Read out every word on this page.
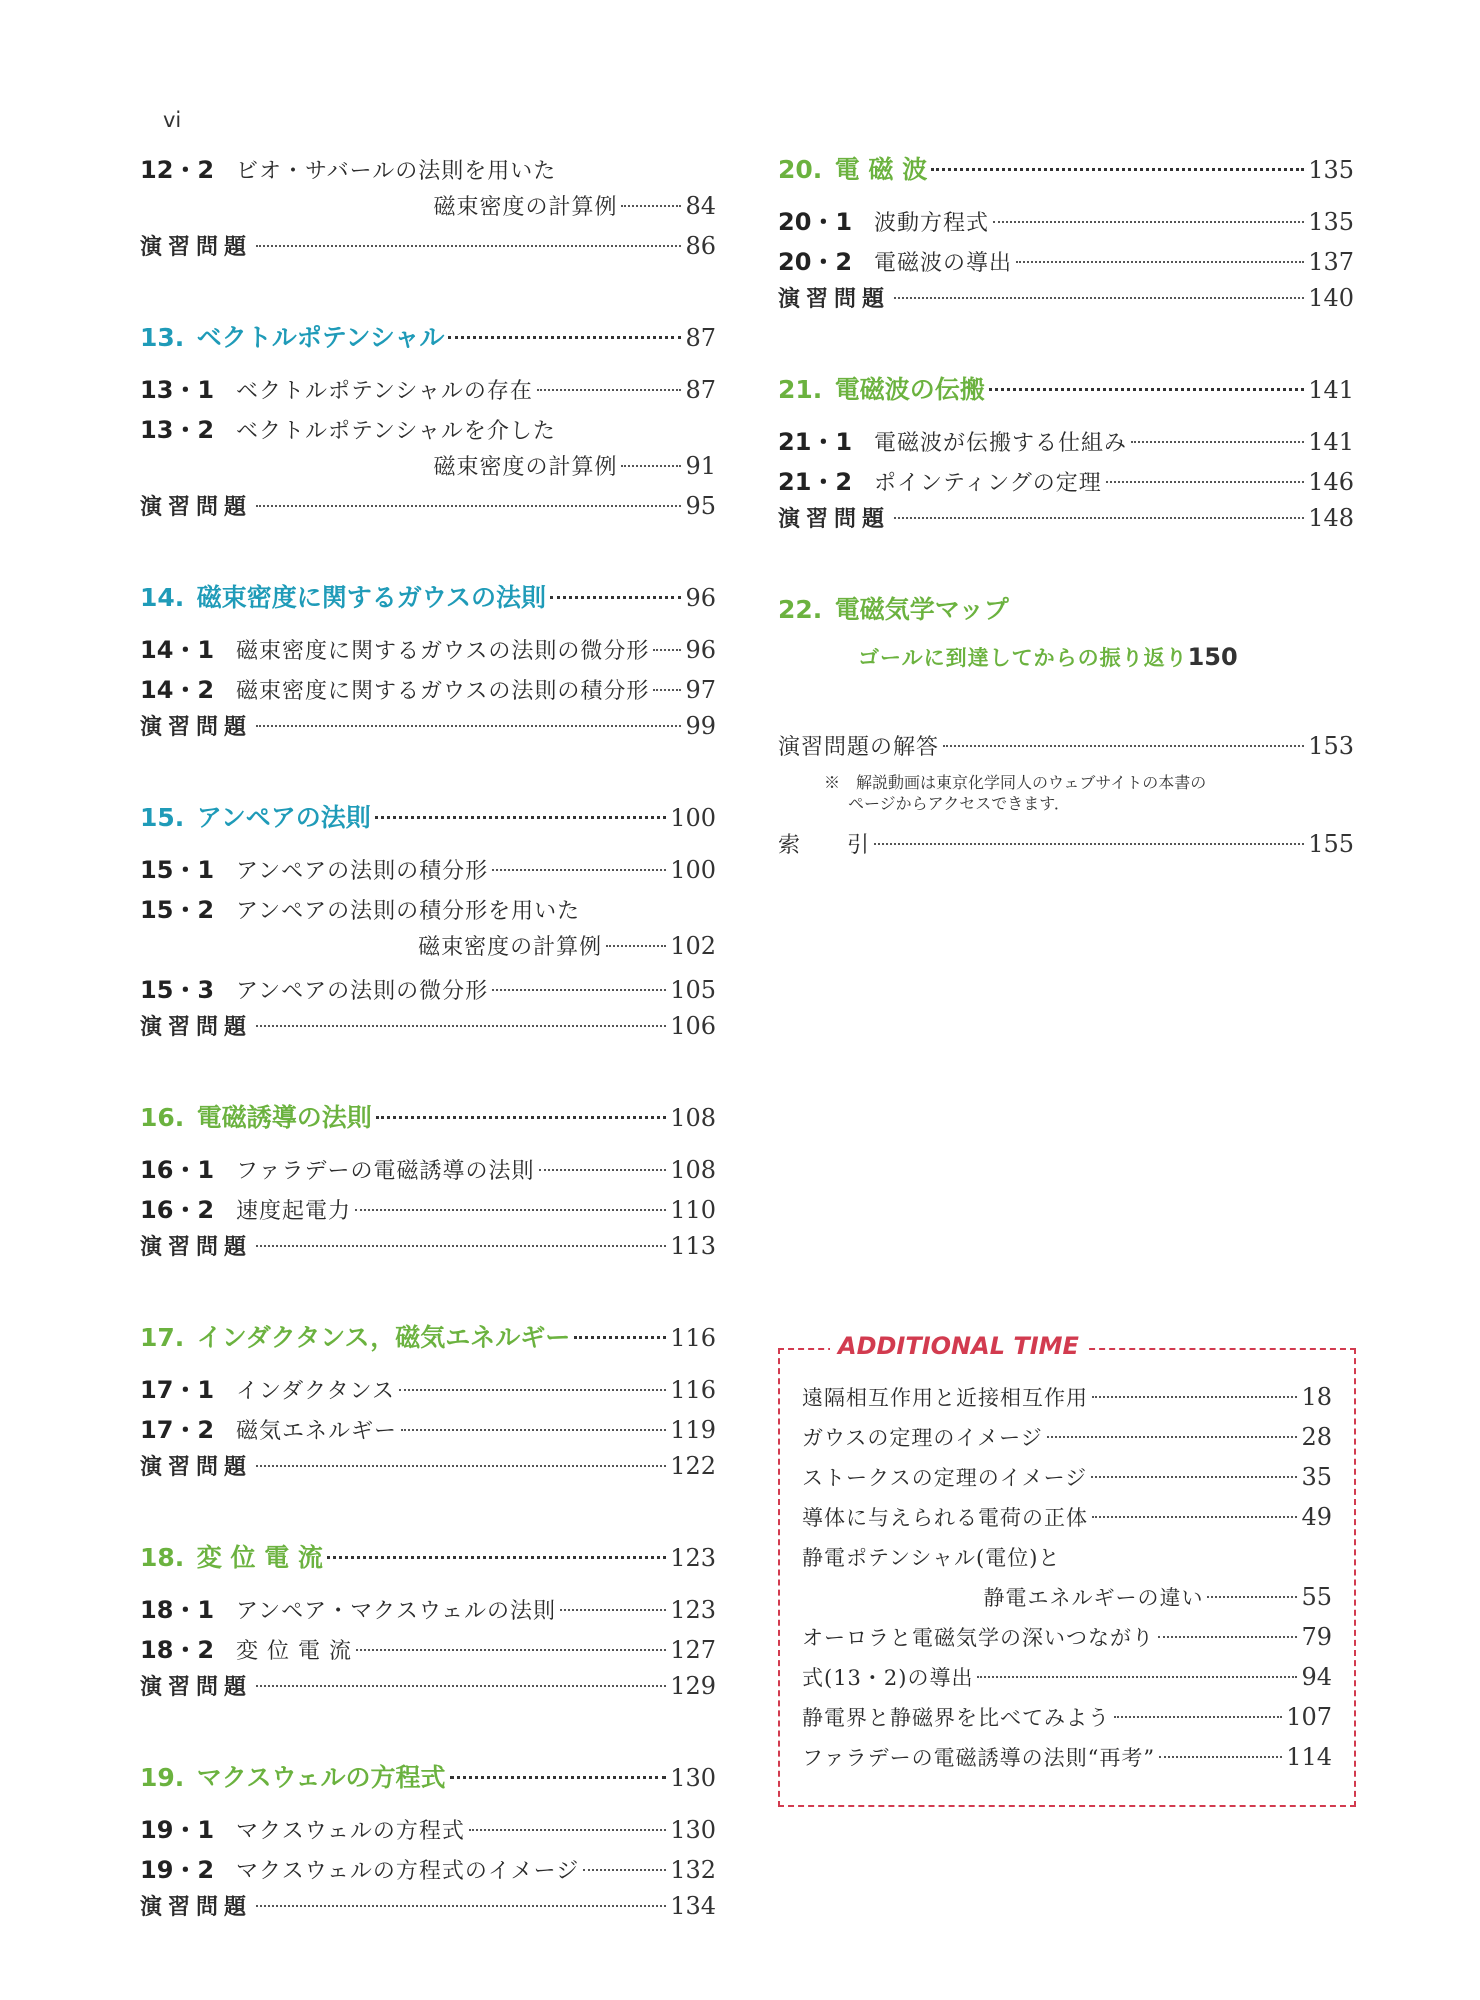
vi
12・2 ビオ・サバールの法則を用いた
磁束密度の計算例	84
演習問題	86
13. ベクトルポテンシャル	87
13・1 ベクトルポテンシャルの存在	87
13・2 ベクトルポテンシャルを介した
磁束密度の計算例	91
演習問題	95
14. 磁束密度に関するガウスの法則	96
14・1 磁束密度に関するガウスの法則の微分形 96
14・2 磁束密度に関するガウスの法則の積分形 97
演習問題	99
15. アンペアの法則	100
15・1 アンペアの法則の積分形	100
15・2 アンペアの法則の積分形を用いた
磁束密度の計算例	102
15・3 アンペアの法則の微分形	105
演習問題	106
16. 電磁誘導の法則	108
16・1 ファラデーの電磁誘導の法則	108
16・2 速度起電力	110
演習問題	113
17. インダクタンス，磁気エネルギー	116
17・1 インダクタンス	116
17・2 磁気エネルギー	119
演習問題	122
18. 変 位 電 流	123
18・1 アンペア・マクスウェルの法則	123
18・2 変 位 電 流	127
演習問題	129
19. マクスウェルの方程式	130
19・1 マクスウェルの方程式	130
19・2 マクスウェルの方程式のイメージ	132
演習問題	134
20. 電 磁 波	135
20・1 波動方程式	135
20・2 電磁波の導出	137
演習問題	140
21. 電磁波の伝搬	141
21・1 電磁波が伝搬する仕組み	141
21・2 ポインティングの定理	146
演習問題	148
22. 電磁気学マップ
ゴールに到達してからの振り返り 150
演習問題の解答	153
※　解説動画は東京化学同人のウェブサイトの本書の
ページからアクセスできます．
索　　引	155
ADDITIONAL TIME
遠隔相互作用と近接相互作用	18
ガウスの定理のイメージ	28
ストークスの定理のイメージ	35
導体に与えられる電荷の正体	49
静電ポテンシャル(電位)と
静電エネルギーの違い	55
オーロラと電磁気学の深いつながり	79
式(13・2)の導出	94
静電界と静磁界を比べてみよう	107
ファラデーの電磁誘導の法則“再考”	114
